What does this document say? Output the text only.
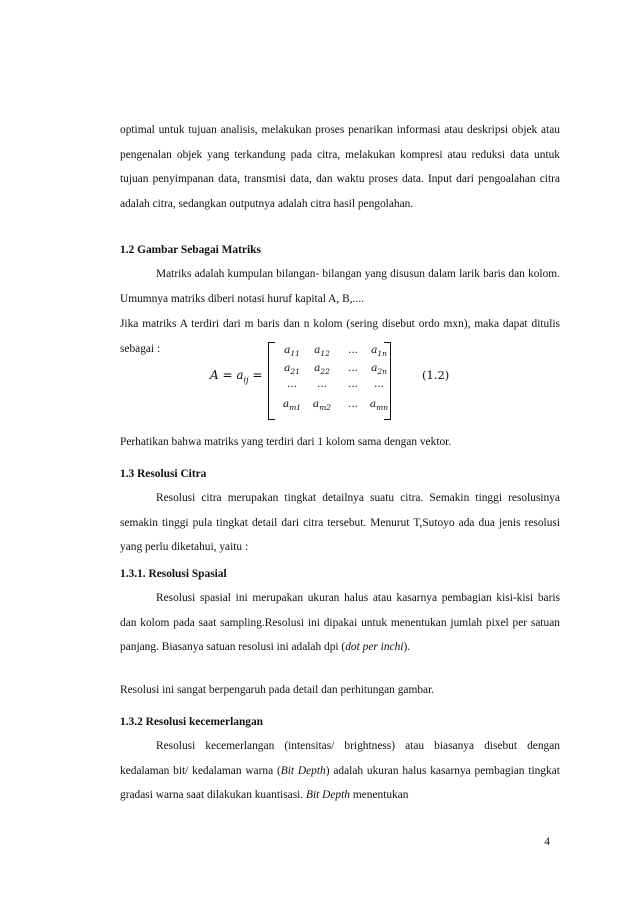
optimal untuk tujuan analisis, melakukan proses penarikan informasi atau deskripsi objek atau pengenalan objek yang terkandung pada citra, melakukan kompresi atau reduksi data untuk tujuan penyimpanan data, transmisi data, dan waktu proses data. Input dari pengoalahan citra adalah citra, sedangkan outputnya adalah citra hasil pengolahan.

1.2 Gambar Sebagai Matriks

Matriks adalah kumpulan bilangan- bilangan yang disusun dalam larik baris dan kolom. Umumnya matriks diberi notasi huruf kapital A, B,....

Jika matriks A terdiri dari m baris dan n kolom (sering disebut ordo mxn), maka dapat ditulis sebagai :

$A = a_{ij}$ =
$a_{11}$	$a_{12}$	...	$a_{1n}$
$a_{21}$	$a_{22}$	...	$a_{2n}$
...	...	...	...
$a_{m1}$	$a_{m2}$	...	$a_{mn}$
(1.2)

Perhatikan bahwa matriks yang terdiri dari 1 kolom sama dengan vektor.

1.3 Resolusi Citra

Resolusi citra merupakan tingkat detailnya suatu citra. Semakin tinggi resolusinya semakin tinggi pula tingkat detail dari citra tersebut. Menurut T,Sutoyo ada dua jenis resolusi yang perlu diketahui, yaitu :

1.3.1. Resolusi Spasial

Resolusi spasial ini merupakan ukuran halus atau kasarnya pembagian kisi-kisi baris dan kolom pada saat sampling.Resolusi ini dipakai untuk menentukan jumlah pixel per satuan panjang. Biasanya satuan resolusi ini adalah dpi (dot per inchi).

Resolusi ini sangat berpengaruh pada detail dan perhitungan gambar.

1.3.2 Resolusi kecemerlangan

Resolusi kecemerlangan (intensitas/ brightness) atau biasanya disebut dengan kedalaman bit/ kedalaman warna (Bit Depth) adalah ukuran halus kasarnya pembagian tingkat gradasi warna saat dilakukan kuantisasi. Bit Depth menentukan

4
